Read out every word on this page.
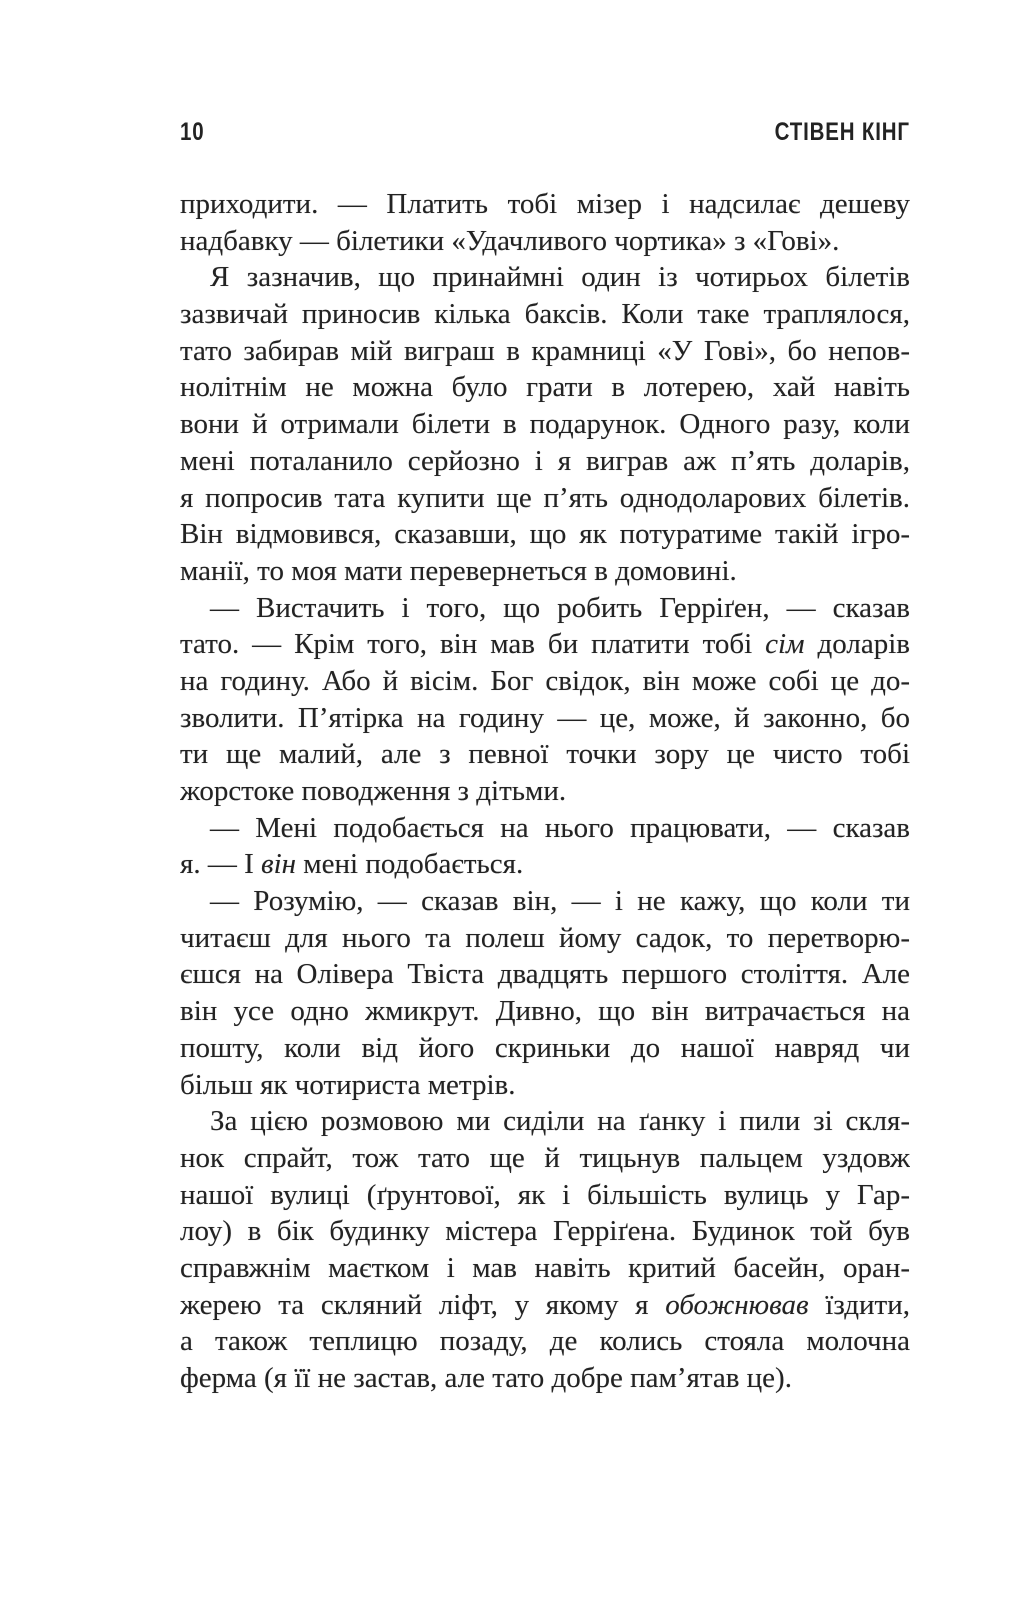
10	СТІВЕН КІНГ
приходити. — Платить тобі мізер і надсилає дешеву
надбавку — білетики «Удачливого чортика» з «Гові».
Я зазначив, що принаймні один із чотирьох білетів
зазвичай приносив кілька баксів. Коли таке траплялося,
тато забирав мій виграш в крамниці «У Гові», бо непов-
нолітнім не можна було грати в лотерею, хай навіть
вони й отримали білети в подарунок. Одного разу, коли
мені поталанило серйозно і я виграв аж п’ять доларів,
я попросив тата купити ще п’ять однодоларових білетів.
Він відмовився, сказавши, що як потуратиме такій ігро-
манії, то моя мати перевернеться в домовині.
— Вистачить і того, що робить Герріґен, — сказав
тато. — Крім того, він мав би платити тобі сім доларів
на годину. Або й вісім. Бог свідок, він може собі це до-
зволити. П’ятірка на годину — це, може, й законно, бо
ти ще малий, але з певної точки зору це чисто тобі
жорстоке поводження з дітьми.
— Мені подобається на нього працювати, — сказав
я. — І він мені подобається.
— Розумію, — сказав він, — і не кажу, що коли ти
читаєш для нього та полеш йому садок, то перетворю-
єшся на Олівера Твіста двадцять першого століття. Але
він усе одно жмикрут. Дивно, що він витрачається на
пошту, коли від його скриньки до нашої навряд чи
більш як чотириста метрів.
За цією розмовою ми сиділи на ґанку і пили зі скля-
нок спрайт, тож тато ще й тицьнув пальцем уздовж
нашої вулиці (ґрунтової, як і більшість вулиць у Гар-
лоу) в бік будинку містера Герріґена. Будинок той був
справжнім маєтком і мав навіть критий басейн, оран-
жерею та скляний ліфт, у якому я обожнював їздити,
а також теплицю позаду, де колись стояла молочна
ферма (я її не застав, але тато добре пам’ятав це).
